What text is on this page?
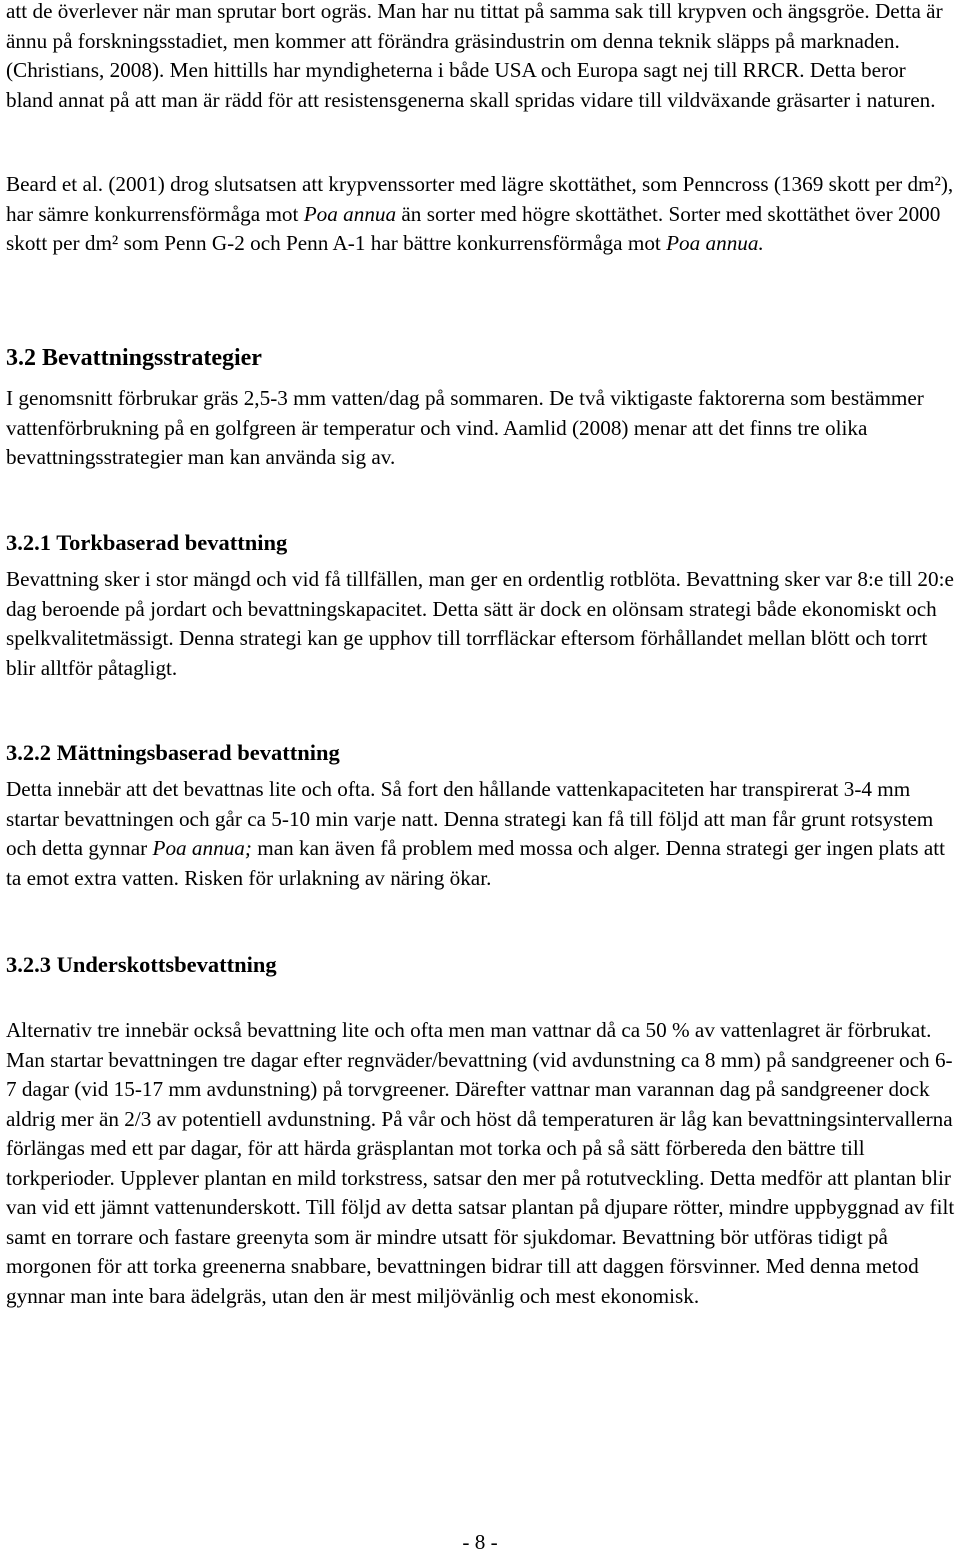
att de överlever när man sprutar bort ogräs. Man har nu tittat på samma sak till krypven och ängsgröe. Detta är ännu på forskningsstadiet, men kommer att förändra gräsindustrin om denna teknik släpps på marknaden. (Christians, 2008). Men hittills har myndigheterna i både USA och Europa sagt nej till RRCR. Detta beror bland annat på att man är rädd för att resistensgenerna skall spridas vidare till vildväxande gräsarter i naturen.

Beard et al. (2001) drog slutsatsen att krypvenssorter med lägre skottäthet, som Penncross (1369 skott per dm²), har sämre konkurrensförmåga mot Poa annua än sorter med högre skottäthet. Sorter med skottäthet över 2000 skott per dm² som Penn G-2 och Penn A-1 har bättre konkurrensförmåga mot Poa annua.

3.2 Bevattningsstrategier

I genomsnitt förbrukar gräs 2,5-3 mm vatten/dag på sommaren. De två viktigaste faktorerna som bestämmer vattenförbrukning på en golfgreen är temperatur och vind. Aamlid (2008) menar att det finns tre olika bevattningsstrategier man kan använda sig av.

3.2.1 Torkbaserad bevattning

Bevattning sker i stor mängd och vid få tillfällen, man ger en ordentlig rotblöta. Bevattning sker var 8:e till 20:e dag beroende på jordart och bevattningskapacitet. Detta sätt är dock en olönsam strategi både ekonomiskt och spelkvalitetmässigt. Denna strategi kan ge upphov till torrfläckar eftersom förhållandet mellan blött och torrt blir alltför påtagligt.

3.2.2 Mättningsbaserad bevattning

Detta innebär att det bevattnas lite och ofta. Så fort den hållande vattenkapaciteten har transpirerat 3-4 mm startar bevattningen och går ca 5-10 min varje natt. Denna strategi kan få till följd att man får grunt rotsystem och detta gynnar Poa annua; man kan även få problem med mossa och alger. Denna strategi ger ingen plats att ta emot extra vatten. Risken för urlakning av näring ökar.

3.2.3 Underskottsbevattning

Alternativ tre innebär också bevattning lite och ofta men man vattnar då ca 50 % av vattenlagret är förbrukat. Man startar bevattningen tre dagar efter regnväder/bevattning (vid avdunstning ca 8 mm) på sandgreener och 6-7 dagar (vid 15-17 mm avdunstning) på torvgreener. Därefter vattnar man varannan dag på sandgreener dock aldrig mer än 2/3 av potentiell avdunstning. På vår och höst då temperaturen är låg kan bevattningsintervallerna förlängas med ett par dagar, för att härda gräsplantan mot torka och på så sätt förbereda den bättre till torkperioder. Upplever plantan en mild torkstress, satsar den mer på rotutveckling. Detta medför att plantan blir van vid ett jämnt vattenunderskott. Till följd av detta satsar plantan på djupare rötter, mindre uppbyggnad av filt samt en torrare och fastare greenyta som är mindre utsatt för sjukdomar. Bevattning bör utföras tidigt på morgonen för att torka greenerna snabbare, bevattningen bidrar till att daggen försvinner. Med denna metod gynnar man inte bara ädelgräs, utan den är mest miljövänlig och mest ekonomisk.

- 8 -
